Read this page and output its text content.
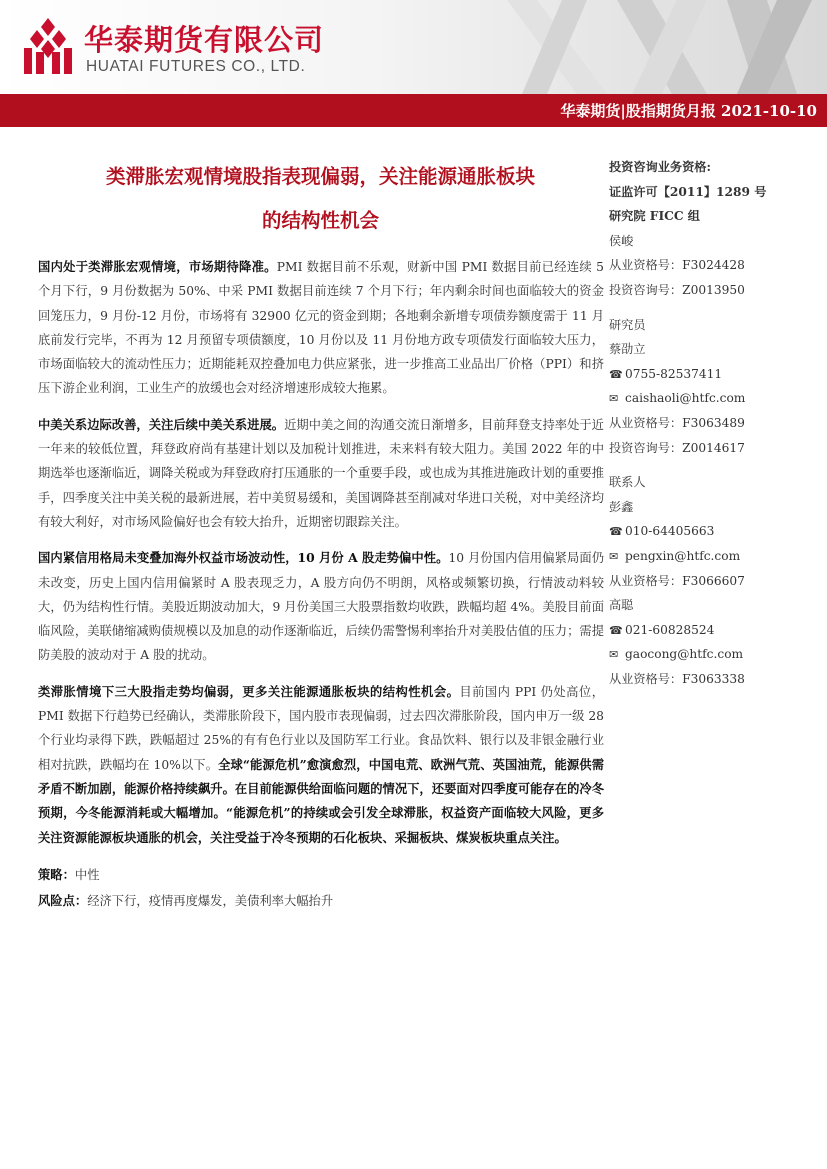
华泰期货有限公司
HUATAI FUTURES CO., LTD.
华泰期货|股指期货月报 2021-10-10
类滞胀宏观情境股指表现偏弱，关注能源通胀板块
的结构性机会
投资咨询业务资格:
证监许可【2011】1289 号
研究院 FICC 组
侯峻
从业资格号：F3024428
投资咨询号：Z0013950
研究员
蔡劭立
☎ 0755-82537411
✉ caishaoli@htfc.com
从业资格号：F3063489
投资咨询号：Z0014617
联系人
彭鑫
☎ 010-64405663
✉ pengxin@htfc.com
从业资格号：F3066607
高聪
☎ 021-60828524
✉ gaocong@htfc.com
从业资格号：F3063338

国内处于类滞胀宏观情境，市场期待降准。PMI 数据目前不乐观，财新中国 PMI 数据目前已经连续 5 个月下行，9 月份数据为 50%、中采 PMI 数据目前连续 7 个月下行；年内剩余时间也面临较大的资金回笼压力，9 月份-12 月份，市场将有 32900 亿元的资金到期；各地剩余新增专项债券额度需于 11 月底前发行完毕，不再为 12 月预留专项债额度，10 月份以及 11 月份地方政专项债发行面临较大压力，市场面临较大的流动性压力；近期能耗双控叠加电力供应紧张，进一步推高工业品出厂价格（PPI）和挤压下游企业利润，工业生产的放缓也会对经济增速形成较大拖累。

中美关系边际改善，关注后续中美关系进展。近期中美之间的沟通交流日渐增多，目前拜登支持率处于近一年来的较低位置，拜登政府尚有基建计划以及加税计划推进，未来料有较大阻力。美国 2022 年的中期选举也逐渐临近，调降关税或为拜登政府打压通胀的一个重要手段，或也成为其推进施政计划的重要推手，四季度关注中美关税的最新进展，若中美贸易缓和，美国调降甚至削减对华进口关税，对中美经济均有较大利好，对市场风险偏好也会有较大抬升，近期密切跟踪关注。

国内紧信用格局未变叠加海外权益市场波动性，10 月份 A 股走势偏中性。10 月份国内信用偏紧局面仍未改变，历史上国内信用偏紧时 A 股表现乏力，A 股方向仍不明朗，风格或频繁切换，行情波动料较大，仍为结构性行情。美股近期波动加大，9 月份美国三大股票指数均收跌，跌幅均超 4%。美股目前面临风险，美联储缩减购债规模以及加息的动作逐渐临近，后续仍需警惕利率抬升对美股估值的压力；需提防美股的波动对于 A 股的扰动。

类滞胀情境下三大股指走势均偏弱，更多关注能源通胀板块的结构性机会。目前国内 PPI 仍处高位，PMI 数据下行趋势已经确认，类滞胀阶段下，国内股市表现偏弱，过去四次滞胀阶段，国内申万一级 28 个行业均录得下跌，跌幅超过 25%的有有色行业以及国防军工行业。食品饮料、银行以及非银金融行业相对抗跌，跌幅均在 10%以下。全球“能源危机”愈演愈烈，中国电荒、欧洲气荒、英国油荒，能源供需矛盾不断加剧，能源价格持续飙升。在目前能源供给面临问题的情况下，还要面对四季度可能存在的冷冬预期，今冬能源消耗或大幅增加。“能源危机”的持续或会引发全球滞胀，权益资产面临较大风险，更多关注资源能源板块通胀的机会，关注受益于冷冬预期的石化板块、采掘板块、煤炭板块重点关注。

策略：中性

风险点：经济下行，疫情再度爆发，美债利率大幅抬升
